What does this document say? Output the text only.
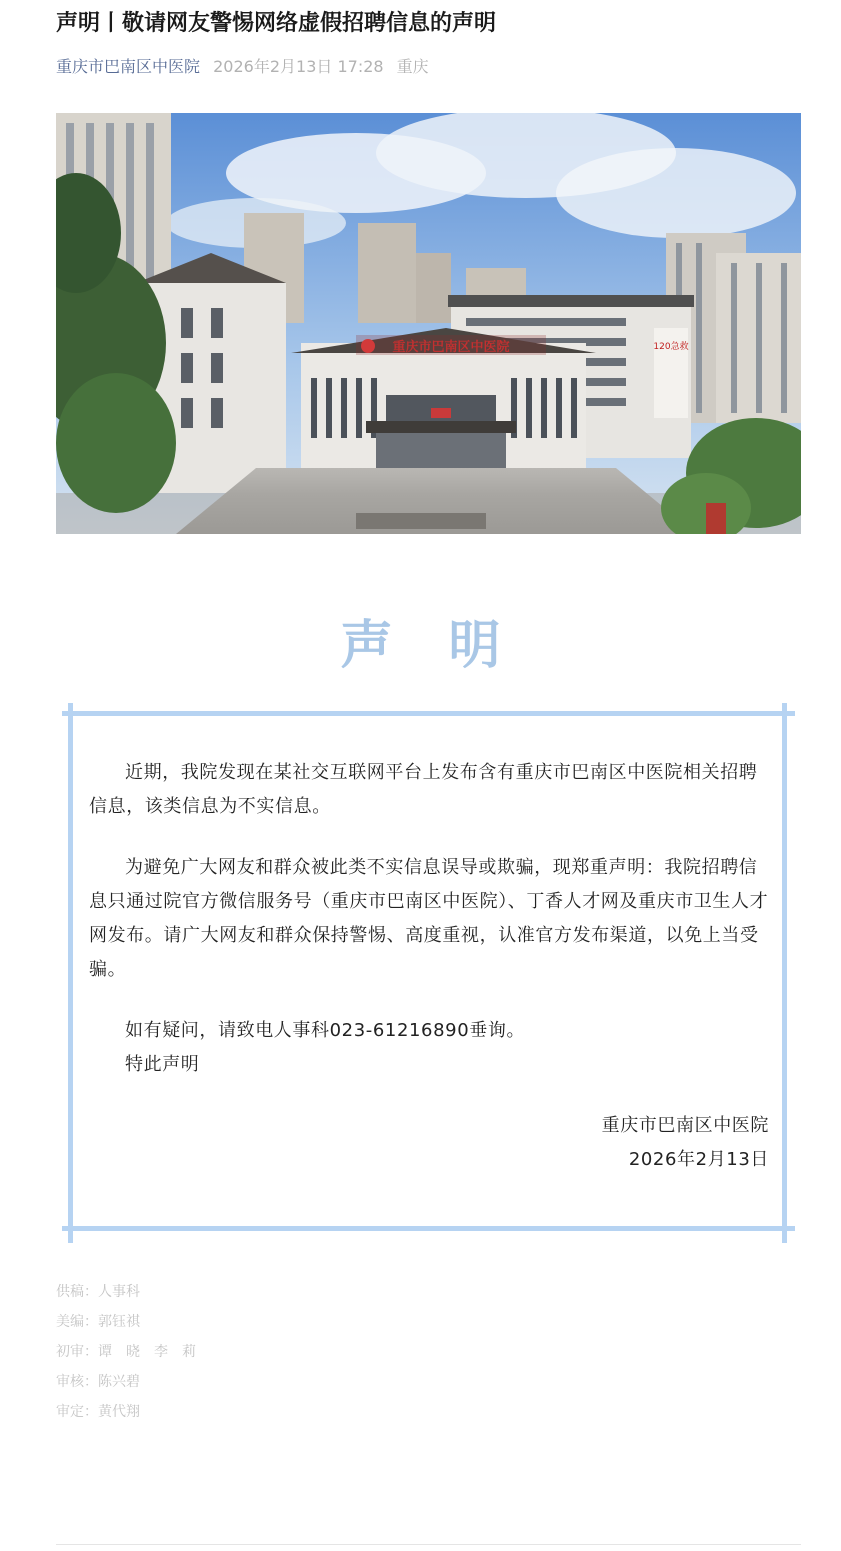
声明丨敬请网友警惕网络虚假招聘信息的声明
重庆市巴南区中医院 2026年2月13日 17:28 重庆
120急救
重庆市巴南区中医院
声明

近期，我院发现在某社交互联网平台上发布含有重庆市巴南区中医院相关招聘信息，该类信息为不实信息。

为避免广大网友和群众被此类不实信息误导或欺骗，现郑重声明：我院招聘信息只通过院官方微信服务号（重庆市巴南区中医院）、丁香人才网及重庆市卫生人才网发布。请广大网友和群众保持警惕、高度重视，认准官方发布渠道，以免上当受骗。

如有疑问，请致电人事科023-61216890垂询。

特此声明

重庆市巴南区中医院

2026年2月13日

供稿：人事科
美编：郭钰祺
初审：谭　晓　李　莉
审核：陈兴碧
审定：黄代翔
